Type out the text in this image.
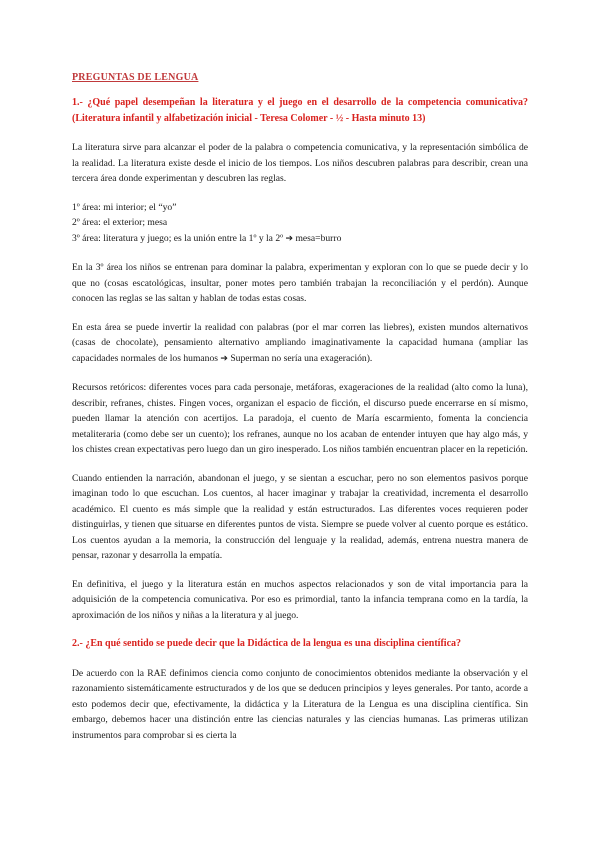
PREGUNTAS DE LENGUA
1.- ¿Qué papel desempeñan la literatura y el juego en el desarrollo de la competencia comunicativa? (Literatura infantil y alfabetización inicial - Teresa Colomer - ½ - Hasta minuto 13)

La literatura sirve para alcanzar el poder de la palabra o competencia comunicativa, y la representación simbólica de la realidad. La literatura existe desde el inicio de los tiempos. Los niños descubren palabras para describir, crean una tercera área donde experimentan y descubren las reglas.

1º área: mi interior; el “yo”

2º área: el exterior; mesa

3º área: literatura y juego; es la unión entre la 1º y la 2º ➔ mesa=burro

En la 3º área los niños se entrenan para dominar la palabra, experimentan y exploran con lo que se puede decir y lo que no (cosas escatológicas, insultar, poner motes pero también trabajan la reconciliación y el perdón). Aunque conocen las reglas se las saltan y hablan de todas estas cosas.

En esta área se puede invertir la realidad con palabras (por el mar corren las liebres), existen mundos alternativos (casas de chocolate), pensamiento alternativo ampliando imaginativamente la capacidad humana (ampliar las capacidades normales de los humanos ➔ Superman no sería una exageración).

Recursos retóricos: diferentes voces para cada personaje, metáforas, exageraciones de la realidad (alto como la luna), describir, refranes, chistes. Fingen voces, organizan el espacio de ficción, el discurso puede encerrarse en sí mismo, pueden llamar la atención con acertijos. La paradoja, el cuento de María escarmiento, fomenta la conciencia metaliteraria (como debe ser un cuento); los refranes, aunque no los acaban de entender intuyen que hay algo más, y los chistes crean expectativas pero luego dan un giro inesperado. Los niños también encuentran placer en la repetición.

Cuando entienden la narración, abandonan el juego, y se sientan a escuchar, pero no son elementos pasivos porque imaginan todo lo que escuchan. Los cuentos, al hacer imaginar y trabajar la creatividad, incrementa el desarrollo académico. El cuento es más simple que la realidad y están estructurados. Las diferentes voces requieren poder distinguirlas, y tienen que situarse en diferentes puntos de vista. Siempre se puede volver al cuento porque es estático. Los cuentos ayudan a la memoria, la construcción del lenguaje y la realidad, además, entrena nuestra manera de pensar, razonar y desarrolla la empatía.

En definitiva, el juego y la literatura están en muchos aspectos relacionados y son de vital importancia para la adquisición de la competencia comunicativa. Por eso es primordial, tanto la infancia temprana como en la tardía, la aproximación de los niños y niñas a la literatura y al juego.

2.- ¿En qué sentido se puede decir que la Didáctica de la lengua es una disciplina científica?

De acuerdo con la RAE definimos ciencia como conjunto de conocimientos obtenidos mediante la observación y el razonamiento sistemáticamente estructurados y de los que se deducen principios y leyes generales. Por tanto, acorde a esto podemos decir que, efectivamente, la didáctica y la Literatura de la Lengua es una disciplina científica. Sin embargo, debemos hacer una distinción entre las ciencias naturales y las ciencias humanas. Las primeras utilizan instrumentos para comprobar si es cierta la
